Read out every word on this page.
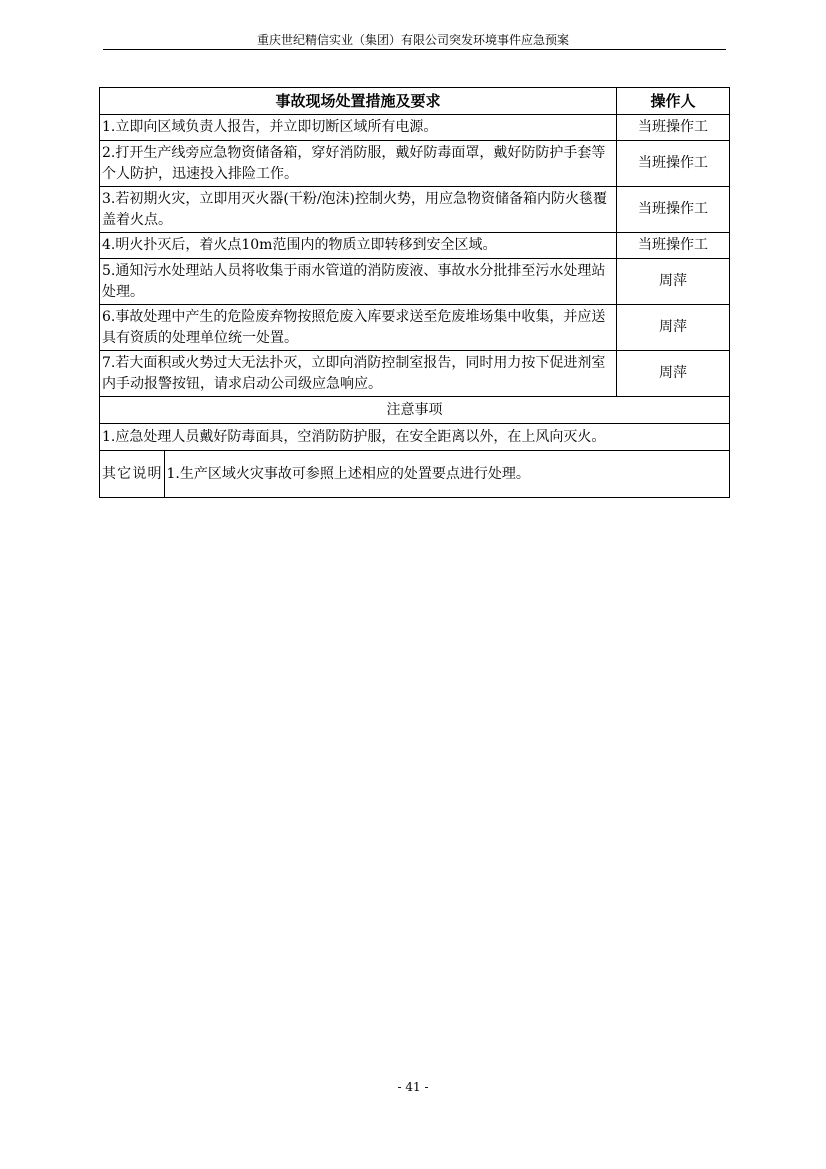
重庆世纪精信实业（集团）有限公司突发环境事件应急预案
事故现场处置措施及要求	操作人
1.立即向区域负责人报告，并立即切断区域所有电源。	当班操作工
2.打开生产线旁应急物资储备箱，穿好消防服，戴好防毒面罩，戴好防防护手套等个人防护，迅速投入排险工作。	当班操作工
3.若初期火灾，立即用灭火器(干粉/泡沫)控制火势，用应急物资储备箱内防火毯覆盖着火点。	当班操作工
4.明火扑灭后，着火点10m范围内的物质立即转移到安全区域。	当班操作工
5.通知污水处理站人员将收集于雨水管道的消防废液、事故水分批排至污水处理站处理。	周萍
6.事故处理中产生的危险废弃物按照危废入库要求送至危废堆场集中收集，并应送具有资质的处理单位统一处置。	周萍
7.若大面积或火势过大无法扑灭，立即向消防控制室报告，同时用力按下促进剂室内手动报警按钮，请求启动公司级应急响应。	周萍
注意事项
1.应急处理人员戴好防毒面具，空消防防护服，在安全距离以外，在上风向灭火。

其它说明	1.生产区域火灾事故可参照上述相应的处置要点进行处理。
- 41 -
